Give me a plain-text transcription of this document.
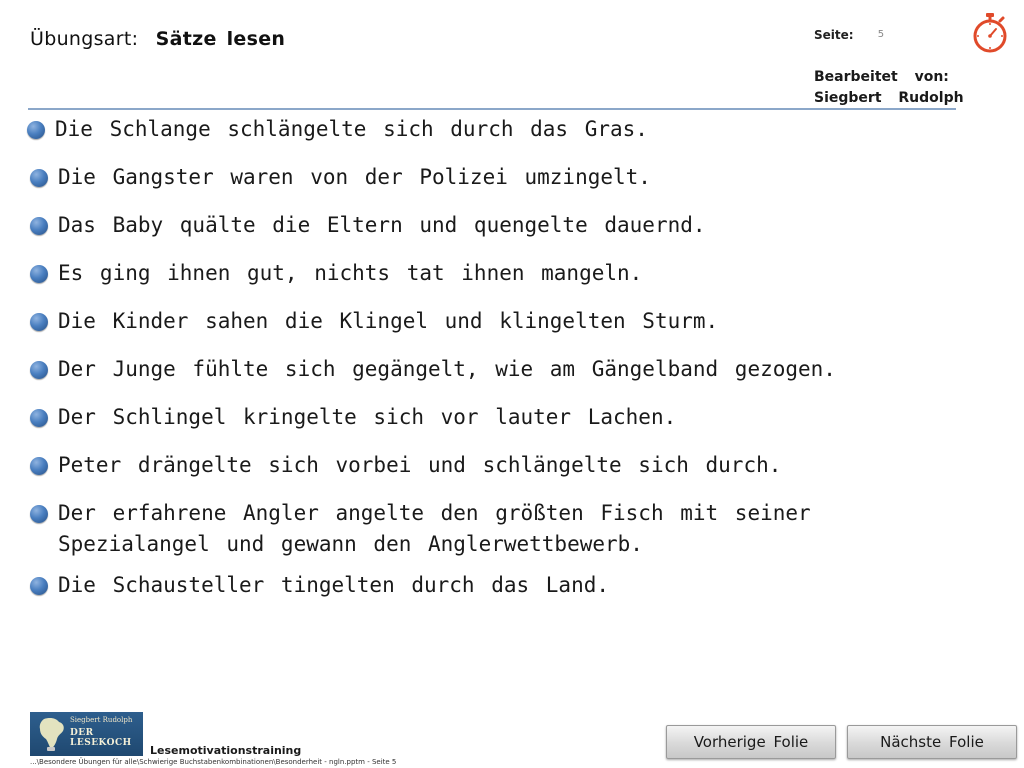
Übungsart: Sätze lesen	Seite: 5
Bearbeitet von:
Siegbert Rudolph
Die Schlange schlängelte sich durch das Gras.
Die Gangster waren von der Polizei umzingelt.
Das Baby quälte die Eltern und quengelte dauernd.
Es ging ihnen gut, nichts tat ihnen mangeln.
Die Kinder sahen die Klingel und klingelten Sturm.
Der Junge fühlte sich gegängelt, wie am Gängelband gezogen.
Der Schlingel kringelte sich vor lauter Lachen.
Peter drängelte sich vorbei und schlängelte sich durch.
Der erfahrene Angler angelte den größten Fisch mit seiner Spezialangel und gewann den Anglerwettbewerb.
Die Schausteller tingelten durch das Land.
Siegbert Rudolph
DER LESEKOCH
Lesemotivationstraining
...\Besondere Übungen für alle\Schwierige Buchstabenkombinationen\Besonderheit - ngln.pptm - Seite 5
Vorherige Folie	Nächste Folie
